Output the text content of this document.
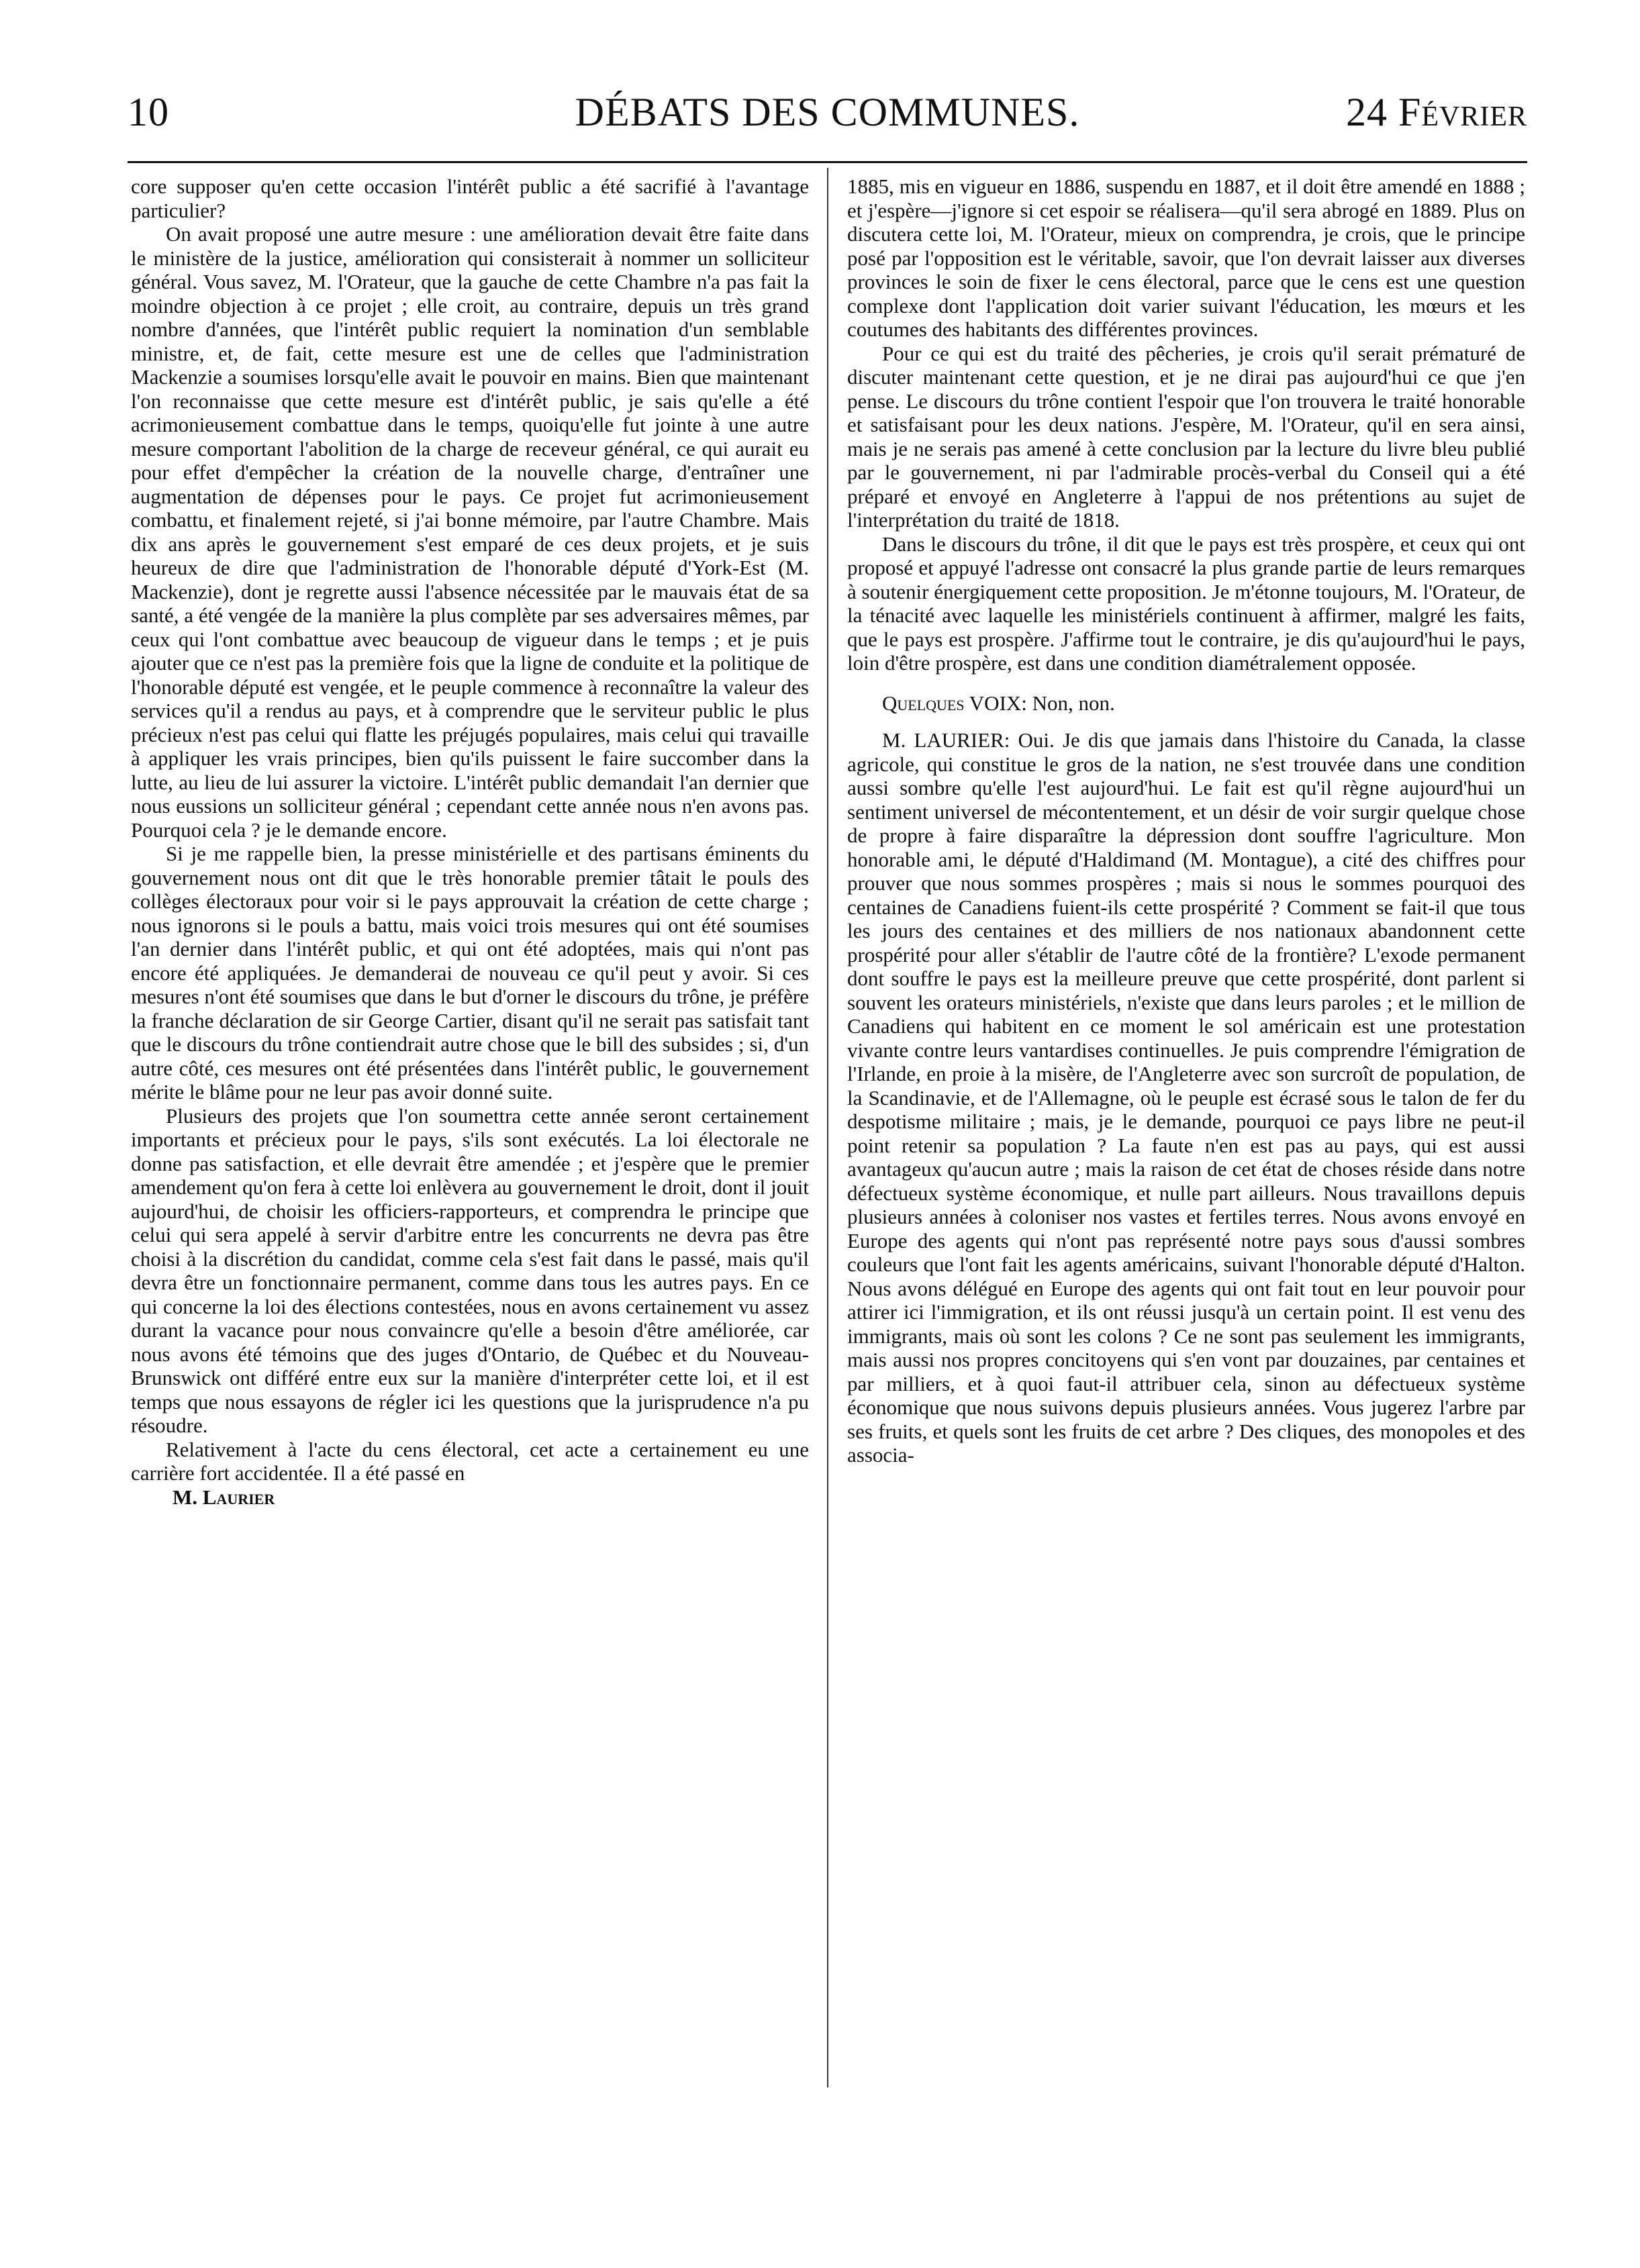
10	DÉBATS DES COMMUNES.	24 Février

core supposer qu'en cette occasion l'intérêt public a été sacrifié à l'avantage particulier?

On avait proposé une autre mesure : une amélioration devait être faite dans le ministère de la justice, amélioration qui consisterait à nommer un solliciteur général. Vous savez, M. l'Orateur, que la gauche de cette Chambre n'a pas fait la moindre objection à ce projet ; elle croit, au contraire, depuis un très grand nombre d'années, que l'intérêt public requiert la nomination d'un semblable ministre, et, de fait, cette mesure est une de celles que l'administration Mackenzie a soumises lorsqu'elle avait le pouvoir en mains. Bien que maintenant l'on reconnaisse que cette mesure est d'intérêt public, je sais qu'elle a été acrimonieusement combattue dans le temps, quoiqu'elle fut jointe à une autre mesure comportant l'abolition de la charge de receveur général, ce qui aurait eu pour effet d'empêcher la création de la nouvelle charge, d'entraîner une augmentation de dépenses pour le pays. Ce projet fut acrimonieusement combattu, et finalement rejeté, si j'ai bonne mémoire, par l'autre Chambre. Mais dix ans après le gouvernement s'est emparé de ces deux projets, et je suis heureux de dire que l'administration de l'honorable député d'York-Est (M. Mackenzie), dont je regrette aussi l'absence nécessitée par le mauvais état de sa santé, a été vengée de la manière la plus complète par ses adversaires mêmes, par ceux qui l'ont combattue avec beaucoup de vigueur dans le temps ; et je puis ajouter que ce n'est pas la première fois que la ligne de conduite et la politique de l'honorable député est vengée, et le peuple commence à reconnaître la valeur des services qu'il a rendus au pays, et à comprendre que le serviteur public le plus précieux n'est pas celui qui flatte les préjugés populaires, mais celui qui travaille à appliquer les vrais principes, bien qu'ils puissent le faire succomber dans la lutte, au lieu de lui assurer la victoire. L'intérêt public demandait l'an dernier que nous eussions un solliciteur général ; cependant cette année nous n'en avons pas. Pourquoi cela ? je le demande encore.

Si je me rappelle bien, la presse ministérielle et des partisans éminents du gouvernement nous ont dit que le très honorable premier tâtait le pouls des collèges électoraux pour voir si le pays approuvait la création de cette charge ; nous ignorons si le pouls a battu, mais voici trois mesures qui ont été soumises l'an dernier dans l'intérêt public, et qui ont été adoptées, mais qui n'ont pas encore été appliquées. Je demanderai de nouveau ce qu'il peut y avoir. Si ces mesures n'ont été soumises que dans le but d'orner le discours du trône, je préfère la franche déclaration de sir George Cartier, disant qu'il ne serait pas satisfait tant que le discours du trône contiendrait autre chose que le bill des subsides ; si, d'un autre côté, ces mesures ont été présentées dans l'intérêt public, le gouvernement mérite le blâme pour ne leur pas avoir donné suite.

Plusieurs des projets que l'on soumettra cette année seront certainement importants et précieux pour le pays, s'ils sont exécutés. La loi électorale ne donne pas satisfaction, et elle devrait être amendée ; et j'espère que le premier amendement qu'on fera à cette loi enlèvera au gouvernement le droit, dont il jouit aujourd'hui, de choisir les officiers-rapporteurs, et comprendra le principe que celui qui sera appelé à servir d'arbitre entre les concurrents ne devra pas être choisi à la discrétion du candidat, comme cela s'est fait dans le passé, mais qu'il devra être un fonctionnaire permanent, comme dans tous les autres pays. En ce qui concerne la loi des élections contestées, nous en avons certainement vu assez durant la vacance pour nous convaincre qu'elle a besoin d'être améliorée, car nous avons été témoins que des juges d'Ontario, de Québec et du Nouveau-Brunswick ont différé entre eux sur la manière d'interpréter cette loi, et il est temps que nous essayons de régler ici les questions que la jurisprudence n'a pu résoudre.

Relativement à l'acte du cens électoral, cet acte a certainement eu une carrière fort accidentée. Il a été passé en

M. Laurier

1885, mis en vigueur en 1886, suspendu en 1887, et il doit être amendé en 1888 ; et j'espère—j'ignore si cet espoir se réalisera—qu'il sera abrogé en 1889. Plus on discutera cette loi, M. l'Orateur, mieux on comprendra, je crois, que le principe posé par l'opposition est le véritable, savoir, que l'on devrait laisser aux diverses provinces le soin de fixer le cens électoral, parce que le cens est une question complexe dont l'application doit varier suivant l'éducation, les mœurs et les coutumes des habitants des différentes provinces.

Pour ce qui est du traité des pêcheries, je crois qu'il serait prématuré de discuter maintenant cette question, et je ne dirai pas aujourd'hui ce que j'en pense. Le discours du trône contient l'espoir que l'on trouvera le traité honorable et satisfaisant pour les deux nations. J'espère, M. l'Orateur, qu'il en sera ainsi, mais je ne serais pas amené à cette conclusion par la lecture du livre bleu publié par le gouvernement, ni par l'admirable procès-verbal du Conseil qui a été préparé et envoyé en Angleterre à l'appui de nos prétentions au sujet de l'interprétation du traité de 1818.

Dans le discours du trône, il dit que le pays est très prospère, et ceux qui ont proposé et appuyé l'adresse ont consacré la plus grande partie de leurs remarques à soutenir énergiquement cette proposition. Je m'étonne toujours, M. l'Orateur, de la ténacité avec laquelle les ministériels continuent à affirmer, malgré les faits, que le pays est prospère. J'affirme tout le contraire, je dis qu'aujourd'hui le pays, loin d'être prospère, est dans une condition diamétralement opposée.

Quelques VOIX: Non, non.

M. LAURIER: Oui. Je dis que jamais dans l'histoire du Canada, la classe agricole, qui constitue le gros de la nation, ne s'est trouvée dans une condition aussi sombre qu'elle l'est aujourd'hui. Le fait est qu'il règne aujourd'hui un sentiment universel de mécontentement, et un désir de voir surgir quelque chose de propre à faire disparaître la dépression dont souffre l'agriculture. Mon honorable ami, le député d'Haldimand (M. Montague), a cité des chiffres pour prouver que nous sommes prospères ; mais si nous le sommes pourquoi des centaines de Canadiens fuient-ils cette prospérité ? Comment se fait-il que tous les jours des centaines et des milliers de nos nationaux abandonnent cette prospérité pour aller s'établir de l'autre côté de la frontière? L'exode permanent dont souffre le pays est la meilleure preuve que cette prospérité, dont parlent si souvent les orateurs ministériels, n'existe que dans leurs paroles ; et le million de Canadiens qui habitent en ce moment le sol américain est une protestation vivante contre leurs vantardises continuelles. Je puis comprendre l'émigration de l'Irlande, en proie à la misère, de l'Angleterre avec son surcroît de population, de la Scandinavie, et de l'Allemagne, où le peuple est écrasé sous le talon de fer du despotisme militaire ; mais, je le demande, pourquoi ce pays libre ne peut-il point retenir sa population ? La faute n'en est pas au pays, qui est aussi avantageux qu'aucun autre ; mais la raison de cet état de choses réside dans notre défectueux système économique, et nulle part ailleurs. Nous travaillons depuis plusieurs années à coloniser nos vastes et fertiles terres. Nous avons envoyé en Europe des agents qui n'ont pas représenté notre pays sous d'aussi sombres couleurs que l'ont fait les agents américains, suivant l'honorable député d'Halton. Nous avons délégué en Europe des agents qui ont fait tout en leur pouvoir pour attirer ici l'immigration, et ils ont réussi jusqu'à un certain point. Il est venu des immigrants, mais où sont les colons ? Ce ne sont pas seulement les immigrants, mais aussi nos propres concitoyens qui s'en vont par douzaines, par centaines et par milliers, et à quoi faut-il attribuer cela, sinon au défectueux système économique que nous suivons depuis plusieurs années. Vous jugerez l'arbre par ses fruits, et quels sont les fruits de cet arbre ? Des cliques, des monopoles et des associa-
